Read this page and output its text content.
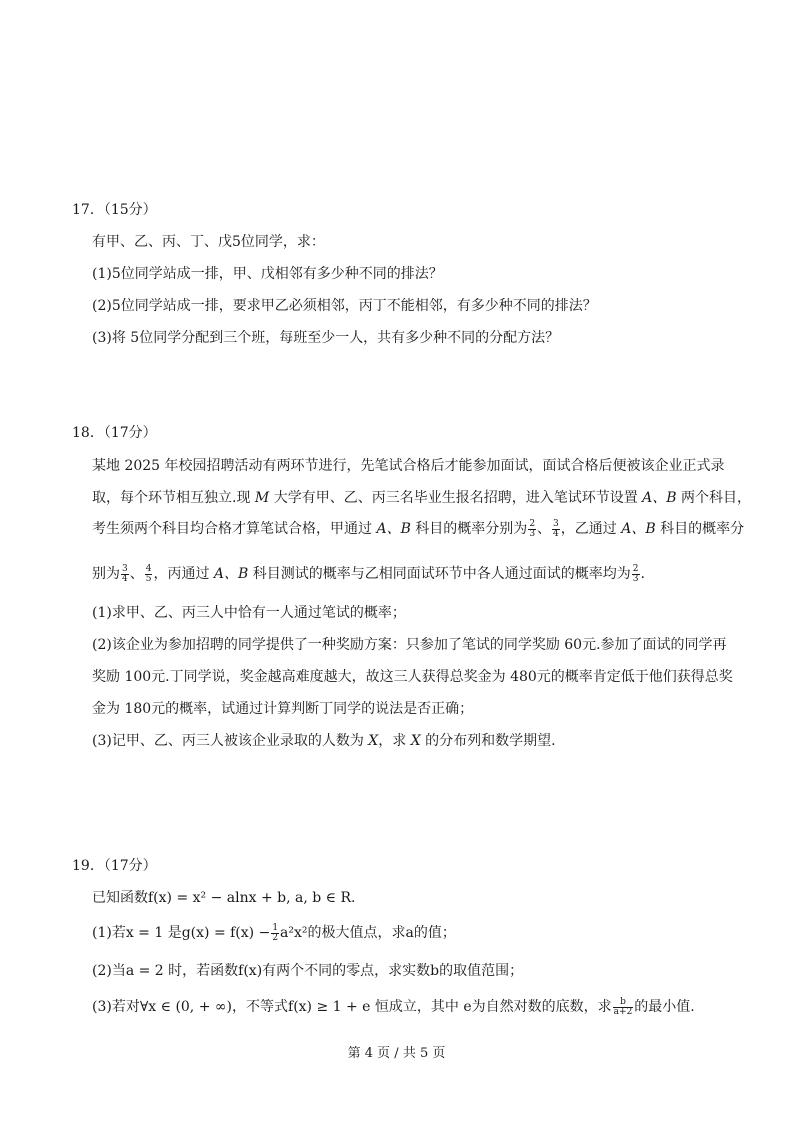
17．（15分）
有甲、乙、丙、丁、戊5位同学，求：
(1)5位同学站成一排，甲、戊相邻有多少种不同的排法？
(2)5位同学站成一排，要求甲乙必须相邻，丙丁不能相邻，有多少种不同的排法？
(3)将 5位同学分配到三个班，每班至少一人，共有多少种不同的分配方法？
18．（17分）
某地 2025 年校园招聘活动有两环节进行，先笔试合格后才能参加面试，面试合格后便被该企业正式录
取，每个环节相互独立.现 M 大学有甲、乙、丙三名毕业生报名招聘，进入笔试环节设置 A、B 两个科目，
考生须两个科目均合格才算笔试合格，甲通过 A、B 科目的概率分别为 $\frac{2}{3}$ 、 $\frac{3}{4}$ ，乙通过 A、B 科目的概率分
别为 $\frac{3}{4}$ 、 $\frac{4}{5}$ ，丙通过 A、B 科目测试的概率与乙相同面试环节中各人通过面试的概率均为 $\frac{2}{3}$ .
(1)求甲、乙、丙三人中恰有一人通过笔试的概率；
(2)该企业为参加招聘的同学提供了一种奖励方案：只参加了笔试的同学奖励 60元.参加了面试的同学再
奖励 100元.丁同学说，奖金越高难度越大，故这三人获得总奖金为 480元的概率肯定低于他们获得总奖
金为 180元的概率，试通过计算判断丁同学的说法是否正确；
(3)记甲、乙、丙三人被该企业录取的人数为 X，求 X 的分布列和数学期望.
19．（17分）
已知函数f(x) = x² − alnx + b, a, b ∈ R.
(1)若x = 1 是$g(x) = f(x) - \frac{1}{2} a^2x^2$的极大值点，求a的值；
(2)当a = 2 时，若函数f(x)有两个不同的零点，求实数b的取值范围；
(3)若对∀x ∈ (0, + ∞)，不等式f(x) ≥ 1 + e 恒成立，其中 e为自然对数的底数，求 $\frac{b}{a+2}$ 的最小值.
第 4 页 / 共 5 页
